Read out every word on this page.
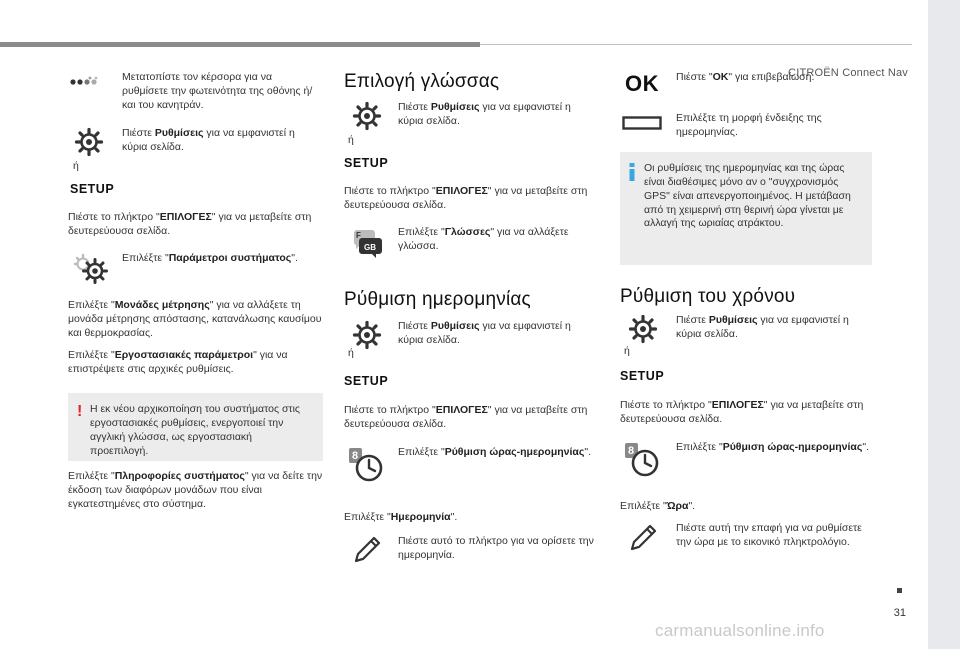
CITROËN Connect Nav
Μετατοπίστε τον κέρσορα για να ρυθμίσετε την φωτεινότητα της οθόνης ή/ και του κανητράν.
Πιέστε Ρυθμίσεις για να εμφανιστεί η κύρια σελίδα.
ή
SETUP
Πιέστε το πλήκτρο "ΕΠΙΛΟΓΕΣ" για να μεταβείτε στη δευτερεύουσα σελίδα.
Επιλέξτε "Παράμετροι συστήματος".
Επιλέξτε "Μονάδες μέτρησης" για να αλλάξετε τη μονάδα μέτρησης απόστασης, κατανάλωσης καυσίμου και θερμοκρασίας.
Επιλέξτε "Εργοστασιακές παράμετροι" για να επιστρέψετε στις αρχικές ρυθμίσεις.
! Η εκ νέου αρχικοποίηση του συστήματος στις εργοστασιακές ρυθμίσεις, ενεργοποιεί την αγγλική γλώσσα, ως εργοστασιακή προεπιλογή.
Επιλέξτε "Πληροφορίες συστήματος" για να δείτε την έκδοση των διαφόρων μονάδων που είναι εγκατεστημένες στο σύστημα.
Επιλογή γλώσσας
Πιέστε Ρυθμίσεις για να εμφανιστεί η κύρια σελίδα.
ή
SETUP
Πιέστε το πλήκτρο "ΕΠΙΛΟΓΕΣ" για να μεταβείτε στη δευτερεύουσα σελίδα.
F
GB
Επιλέξτε "Γλώσσες" για να αλλάξετε γλώσσα.
Ρύθμιση ημερομηνίας
Πιέστε Ρυθμίσεις για να εμφανιστεί η κύρια σελίδα.
ή
SETUP
Πιέστε το πλήκτρο "ΕΠΙΛΟΓΕΣ" για να μεταβείτε στη δευτερεύουσα σελίδα.
8	Επιλέξτε "Ρύθμιση ώρας-ημερομηνίας".
Επιλέξτε "Ημερομηνία".
Πιέστε αυτό το πλήκτρο για να ορίσετε την ημερομηνία.
OK Πιέστε "OK" για επιβεβαίωση.
Επιλέξτε τη μορφή ένδειξης της ημερομηνίας.
Οι ρυθμίσεις της ημερομηνίας και της ώρας είναι διαθέσιμες μόνο αν ο "συγχρονισμός GPS" είναι απενεργοποιημένος. Η μετάβαση από τη χειμερινή στη θερινή ώρα γίνεται με αλλαγή της ωριαίας ατράκτου.
Ρύθμιση του χρόνου
Πιέστε Ρυθμίσεις για να εμφανιστεί η κύρια σελίδα.
ή
SETUP
Πιέστε το πλήκτρο "ΕΠΙΛΟΓΕΣ" για να μεταβείτε στη δευτερεύουσα σελίδα.
8	Επιλέξτε "Ρύθμιση ώρας-ημερομηνίας".
Επιλέξτε "Ώρα".
Πιέστε αυτή την επαφή για να ρυθμίσετε την ώρα με το εικονικό πληκτρολόγιο.
31
carmanualsonline.info
